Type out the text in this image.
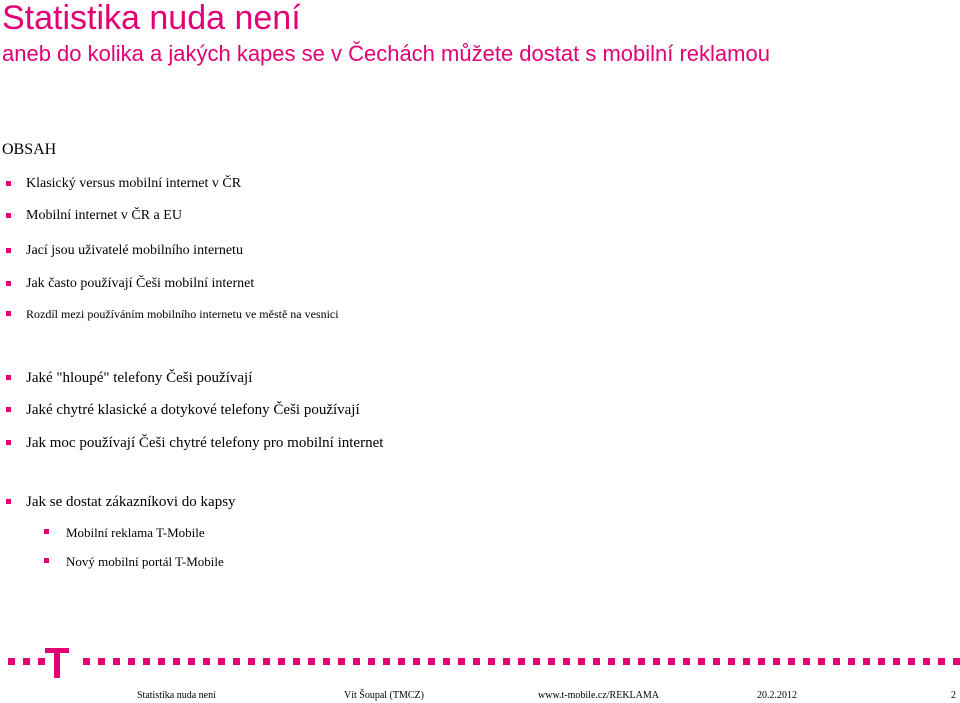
Statistika nuda není
aneb do kolika a jakých kapes se v Čechách můžete dostat s mobilní reklamou
OBSAH
Klasický versus mobilní internet v ČR
Mobilní internet v ČR a EU
Jací jsou uživatelé mobilního internetu
Jak často používají Češi mobilní internet
Rozdíl mezi používáním mobilního internetu ve městě na vesnici
Jaké "hloupé" telefony Češi používají
Jaké chytré klasické a dotykové telefony Češi používají
Jak moc používají Češi chytré telefony pro mobilní internet
Jak se dostat zákazníkovi do kapsy
Mobilní reklama T-Mobile
Nový mobilní portál T-Mobile
Statistika nuda není	Vít Šoupal (TMCZ)	www.t-mobile.cz/REKLAMA	20.2.2012	2
